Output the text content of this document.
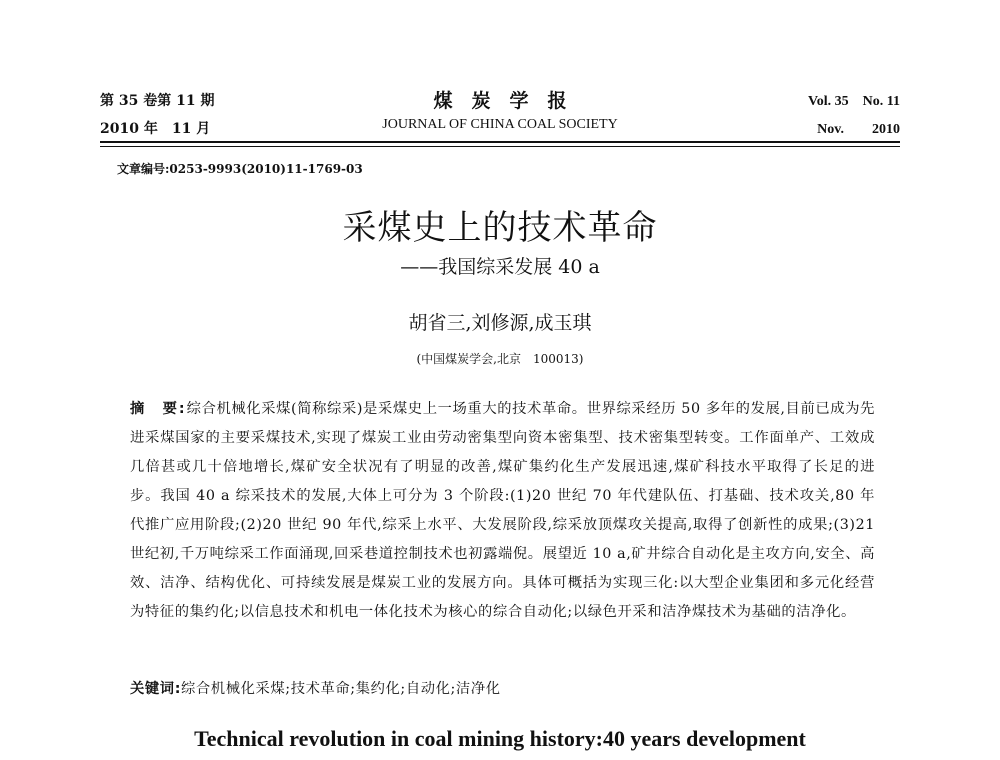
第 35 卷第 11 期
2010 年　11 月
煤　炭　学　报
JOURNAL OF CHINA COAL SOCIETY
Vol. 35　No. 11
Nov.　　2010
文章编号:0253-9993(2010)11-1769-03
采煤史上的技术革命
——我国综采发展 40 a
胡省三,刘修源,成玉琪
(中国煤炭学会,北京　100013)
摘　要:综合机械化采煤(简称综采)是采煤史上一场重大的技术革命。世界综采经历 50 多年的发展,目前已成为先进采煤国家的主要采煤技术,实现了煤炭工业由劳动密集型向资本密集型、技术密集型转变。工作面单产、工效成几倍甚或几十倍地增长,煤矿安全状况有了明显的改善,煤矿集约化生产发展迅速,煤矿科技水平取得了长足的进步。我国 40 a 综采技术的发展,大体上可分为 3 个阶段:(1)20 世纪 70 年代建队伍、打基础、技术攻关,80 年代推广应用阶段;(2)20 世纪 90 年代,综采上水平、大发展阶段,综采放顶煤攻关提高,取得了创新性的成果;(3)21 世纪初,千万吨综采工作面涌现,回采巷道控制技术也初露端倪。展望近 10 a,矿井综合自动化是主攻方向,安全、高效、洁净、结构优化、可持续发展是煤炭工业的发展方向。具体可概括为实现三化:以大型企业集团和多元化经营为特征的集约化;以信息技术和机电一体化技术为核心的综合自动化;以绿色开采和洁净煤技术为基础的洁净化。
关键词:综合机械化采煤;技术革命;集约化;自动化;洁净化
Technical revolution in coal mining history:40 years development
